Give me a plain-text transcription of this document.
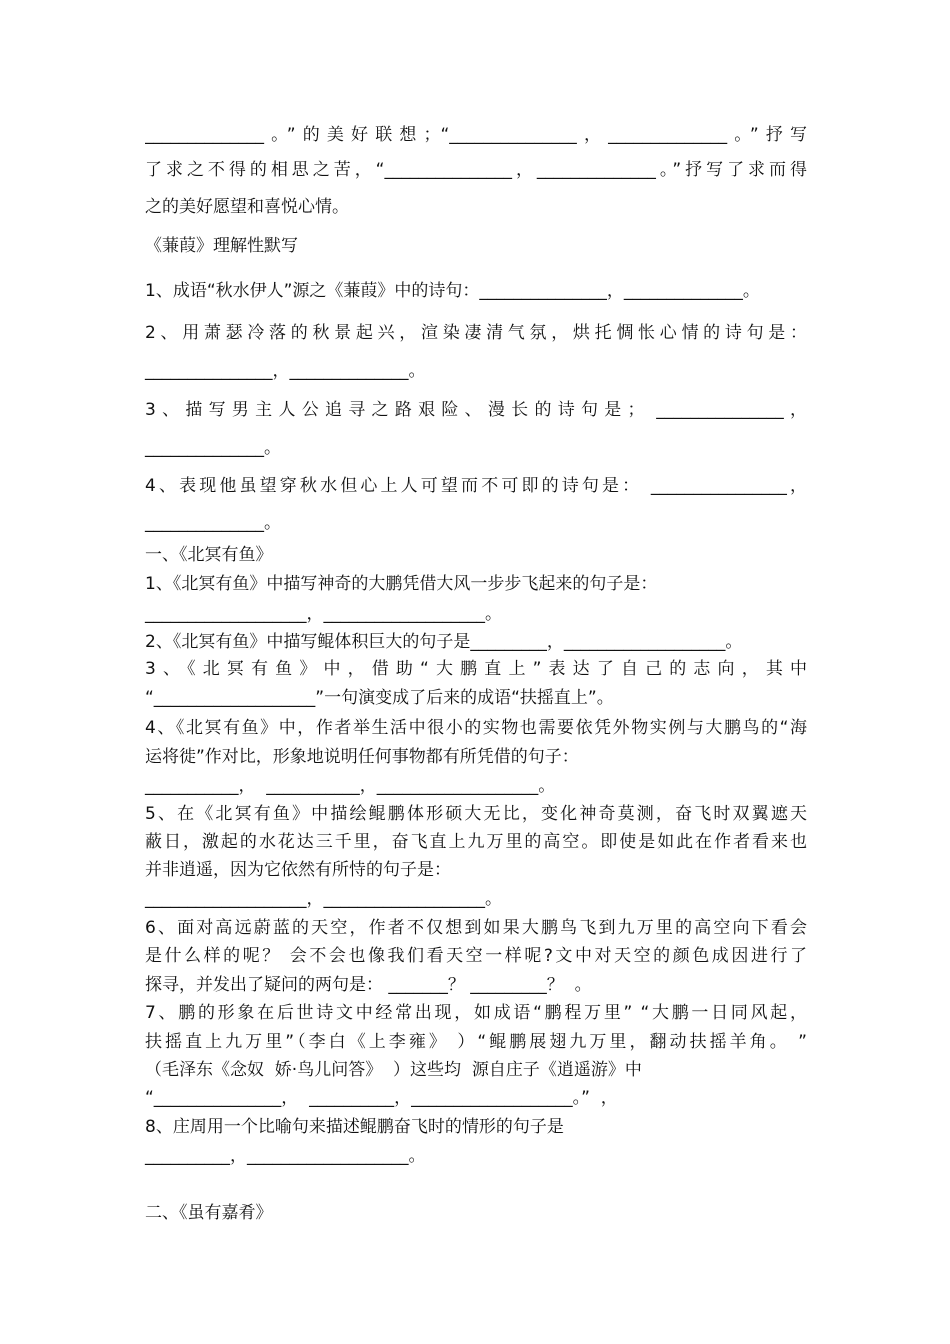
______________。”的美好联想；“_______________，______________。”抒写
了求之不得的相思之苦，“_______________，______________。”抒写了求而得
之的美好愿望和喜悦心情。
《蒹葭》理解性默写
1、成语“秋水伊人”源之《蒹葭》中的诗句：_______________，______________。
2、用萧瑟冷落的秋景起兴，渲染凄清气氛，烘托惆怅心情的诗句是：
_______________，______________。
3、描写男主人公追寻之路艰险、漫长的诗句是； _______________，
______________。
4、表现他虽望穿秋水但心上人可望而不可即的诗句是： ________________，
______________。
一、《北冥有鱼》
1、《北冥有鱼》中描写神奇的大鹏凭借大风一步步飞起来的句子是：
___________________，___________________。
2、《北冥有鱼》中描写鲲体积巨大的句子是_________，___________________。
3、《北冥有鱼》中，借助“大鹏直上”表达了自己的志向，其中
“___________________”一句演变成了后来的成语“扶摇直上”。
4、《北冥有鱼》中，作者举生活中很小的实物也需要依凭外物实例与大鹏鸟的“海
运将徙”作对比，形象地说明任何事物都有所凭借的句子：
___________，  ___________，___________________。
5、在《北冥有鱼》中描绘鲲鹏体形硕大无比，变化神奇莫测，奋飞时双翼遮天
蔽日，激起的水花达三千里，奋飞直上九万里的高空。即使是如此在作者看来也
并非逍遥，因为它依然有所恃的句子是：
___________________，___________________。
6、面对高远蔚蓝的天空，作者不仅想到如果大鹏鸟飞到九万里的高空向下看会
是什么样的呢？ 会不会也像我们看天空一样呢?文中对天空的颜色成因进行了
探寻，并发出了疑问的两句是： _______？ _________？  。
7、鹏的形象在后世诗文中经常出现，如成语“鹏程万里” “大鹏一日同风起，
扶摇直上九万里”（李白《上李雍》 ）“鲲鹏展翅九万里，翻动扶摇羊角。 ”
（毛泽东《念奴  娇·鸟儿问答》  ）这些均  源自庄子《逍遥游》中
“_______________，  __________，___________________。”  ，
8、庄周用一个比喻句来描述鲲鹏奋飞时的情形的句子是
__________，___________________。
二、《虽有嘉肴》
